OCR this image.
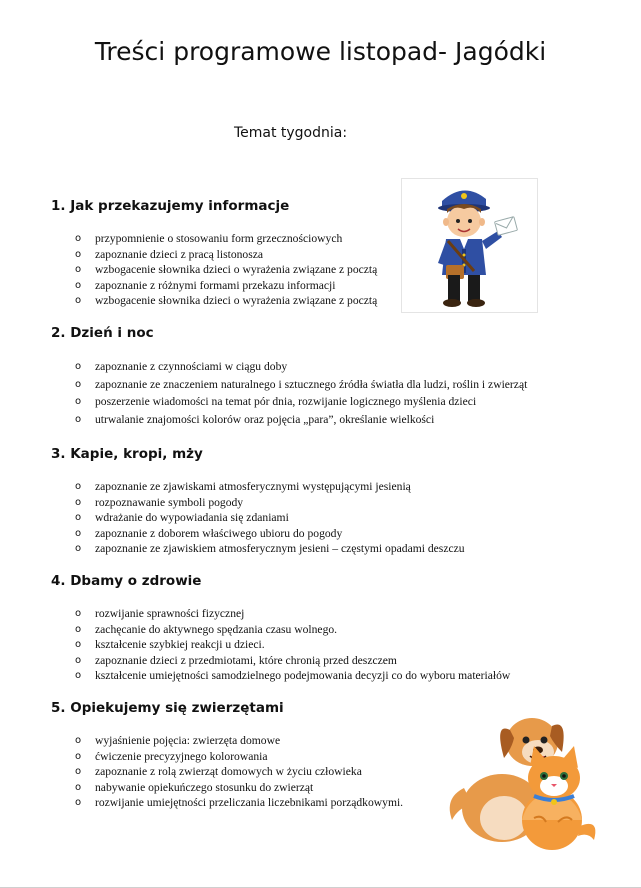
Treści programowe listopad- Jagódki
Temat tygodnia:
1. Jak przekazujemy informacje
o przypomnienie o stosowaniu form grzecznościowych
o zapoznanie dzieci z pracą listonosza
o wzbogacenie słownika dzieci o wyrażenia związane z pocztą
o zapoznanie z różnymi formami przekazu informacji
o wzbogacenie słownika dzieci o wyrażenia związane z pocztą
2. Dzień i noc
o zapoznanie z czynnościami w ciągu doby
o zapoznanie ze znaczeniem naturalnego i sztucznego źródła światła dla ludzi, roślin i zwierząt
o poszerzenie wiadomości na temat pór dnia, rozwijanie logicznego myślenia dzieci
o utrwalanie znajomości kolorów oraz pojęcia „para”, określanie wielkości
3. Kapie, kropi, mży
o zapoznanie ze zjawiskami atmosferycznymi występującymi jesienią
o rozpoznawanie symboli pogody
o wdrażanie do wypowiadania się zdaniami
o zapoznanie z doborem właściwego ubioru do pogody
o zapoznanie ze zjawiskiem atmosferycznym jesieni – częstymi opadami deszczu
4. Dbamy o zdrowie
o rozwijanie sprawności fizycznej
o zachęcanie do aktywnego spędzania czasu wolnego.
o kształcenie szybkiej reakcji u dzieci.
o zapoznanie dzieci z przedmiotami, które chronią przed deszczem
o kształcenie umiejętności samodzielnego podejmowania decyzji co do wyboru materiałów
5. Opiekujemy się zwierzętami
o wyjaśnienie pojęcia: zwierzęta domowe
o ćwiczenie precyzyjnego kolorowania
o zapoznanie z rolą zwierząt domowych w życiu człowieka
o nabywanie opiekuńczego stosunku do zwierząt
o rozwijanie umiejętności przeliczania liczebnikami porządkowymi.
